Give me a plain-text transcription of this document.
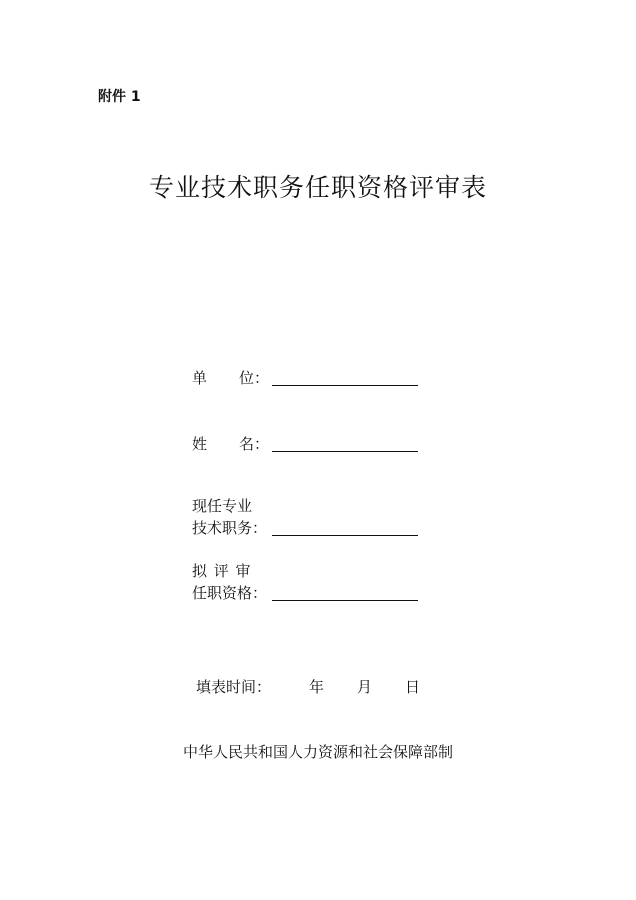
附件 1
专业技术职务任职资格评审表
单 位：
姓 名：
现任专业
技术职务：
拟 评 审
任职资格：
填表时间：	年 月 日
中华人民共和国人力资源和社会保障部制
